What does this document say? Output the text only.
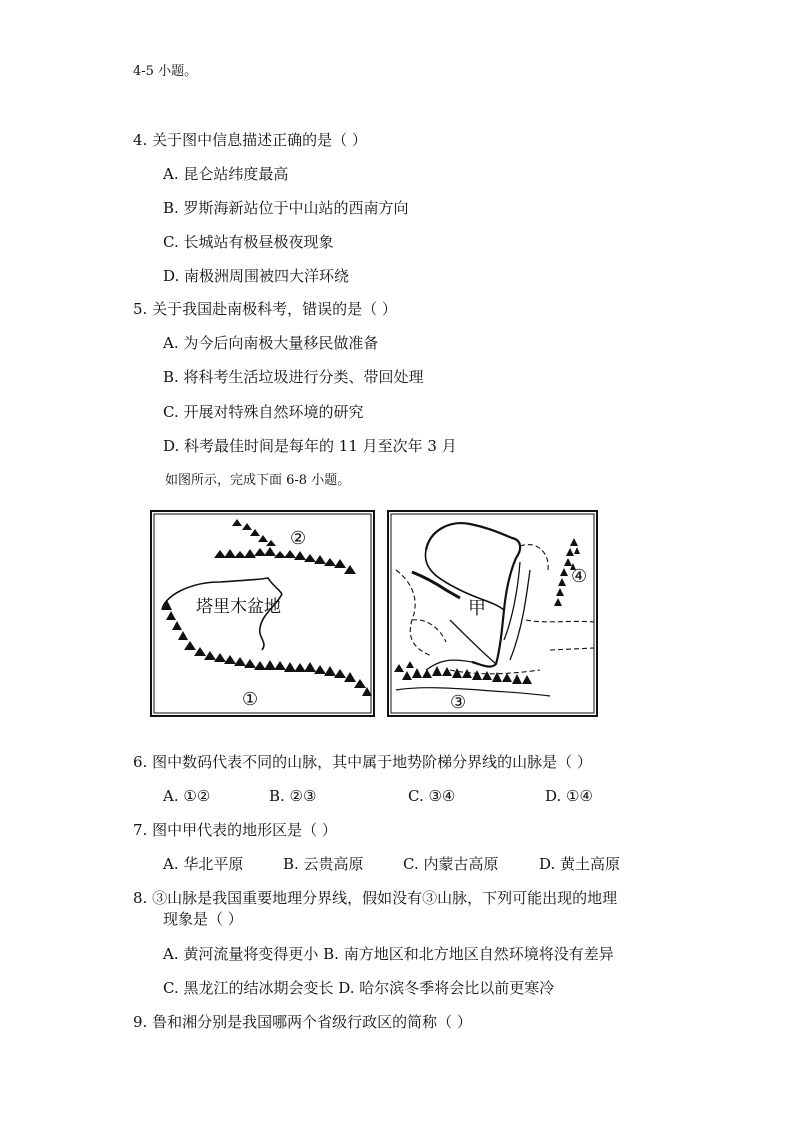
4-5 小题。
4. 关于图中信息描述正确的是（ ）
A. 昆仑站纬度最高
B. 罗斯海新站位于中山站的西南方向
C. 长城站有极昼极夜现象
D. 南极洲周围被四大洋环绕
5. 关于我国赴南极科考，错误的是（ ）
A. 为今后向南极大量移民做准备
B. 将科考生活垃圾进行分类、带回处理
C. 开展对特殊自然环境的研究
D. 科考最佳时间是每年的 11 月至次年 3 月
如图所示，完成下面 6-8 小题。
塔里木盆地
②
①
甲
④
③
6. 图中数码代表不同的山脉，其中属于地势阶梯分界线的山脉是（ ）
A. ①②	B. ②③	C. ③④	D. ①④
7. 图中甲代表的地形区是（ ）
A. 华北平原	B. 云贵高原	C. 内蒙古高原	D. 黄土高原
8. ③山脉是我国重要地理分界线，假如没有③山脉，下列可能出现的地理
现象是（ ）
A. 黄河流量将变得更小 B. 南方地区和北方地区自然环境将没有差异
C. 黑龙江的结冰期会变长 D. 哈尔滨冬季将会比以前更寒冷
9. 鲁和湘分别是我国哪两个省级行政区的简称（ ）
